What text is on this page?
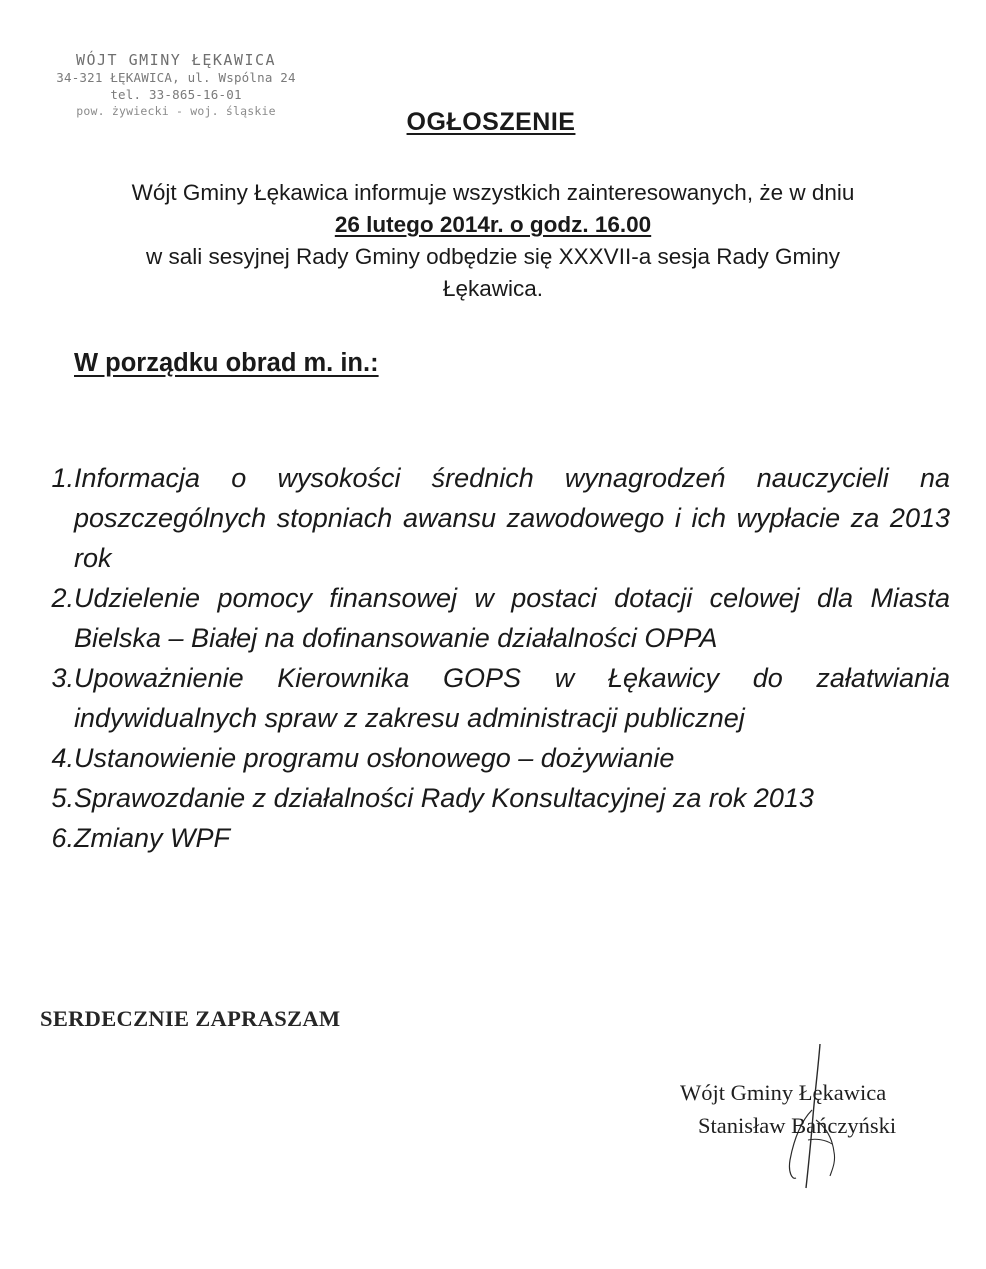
WÓJT GMINY ŁĘKAWICA
34-321 ŁĘKAWICA, ul. Wspólna 24
tel. 33-865-16-01
pow. żywiecki - woj. śląskie	OGŁOSZENIE
Wójt Gminy Łękawica informuje wszystkich zainteresowanych, że w dniu
26 lutego 2014r. o godz. 16.00
w sali sesyjnej Rady Gminy odbędzie się XXXVII-a sesja Rady Gminy
Łękawica.
W porządku obrad m. in.:
1. Informacja o wysokości średnich wynagrodzeń nauczycieli na poszczególnych stopniach awansu zawodowego i ich wypłacie za 2013 rok
2. Udzielenie pomocy finansowej w postaci dotacji celowej dla Miasta Bielska – Białej na dofinansowanie działalności OPPA
3. Upoważnienie Kierownika GOPS w Łękawicy do załatwiania indywidualnych spraw z zakresu administracji publicznej
4. Ustanowienie programu osłonowego – dożywianie
5. Sprawozdanie z działalności Rady Konsultacyjnej za rok 2013
6. Zmiany WPF
SERDECZNIE ZAPRASZAM
Wójt Gminy Łękawica
Stanisław Bańczyński
